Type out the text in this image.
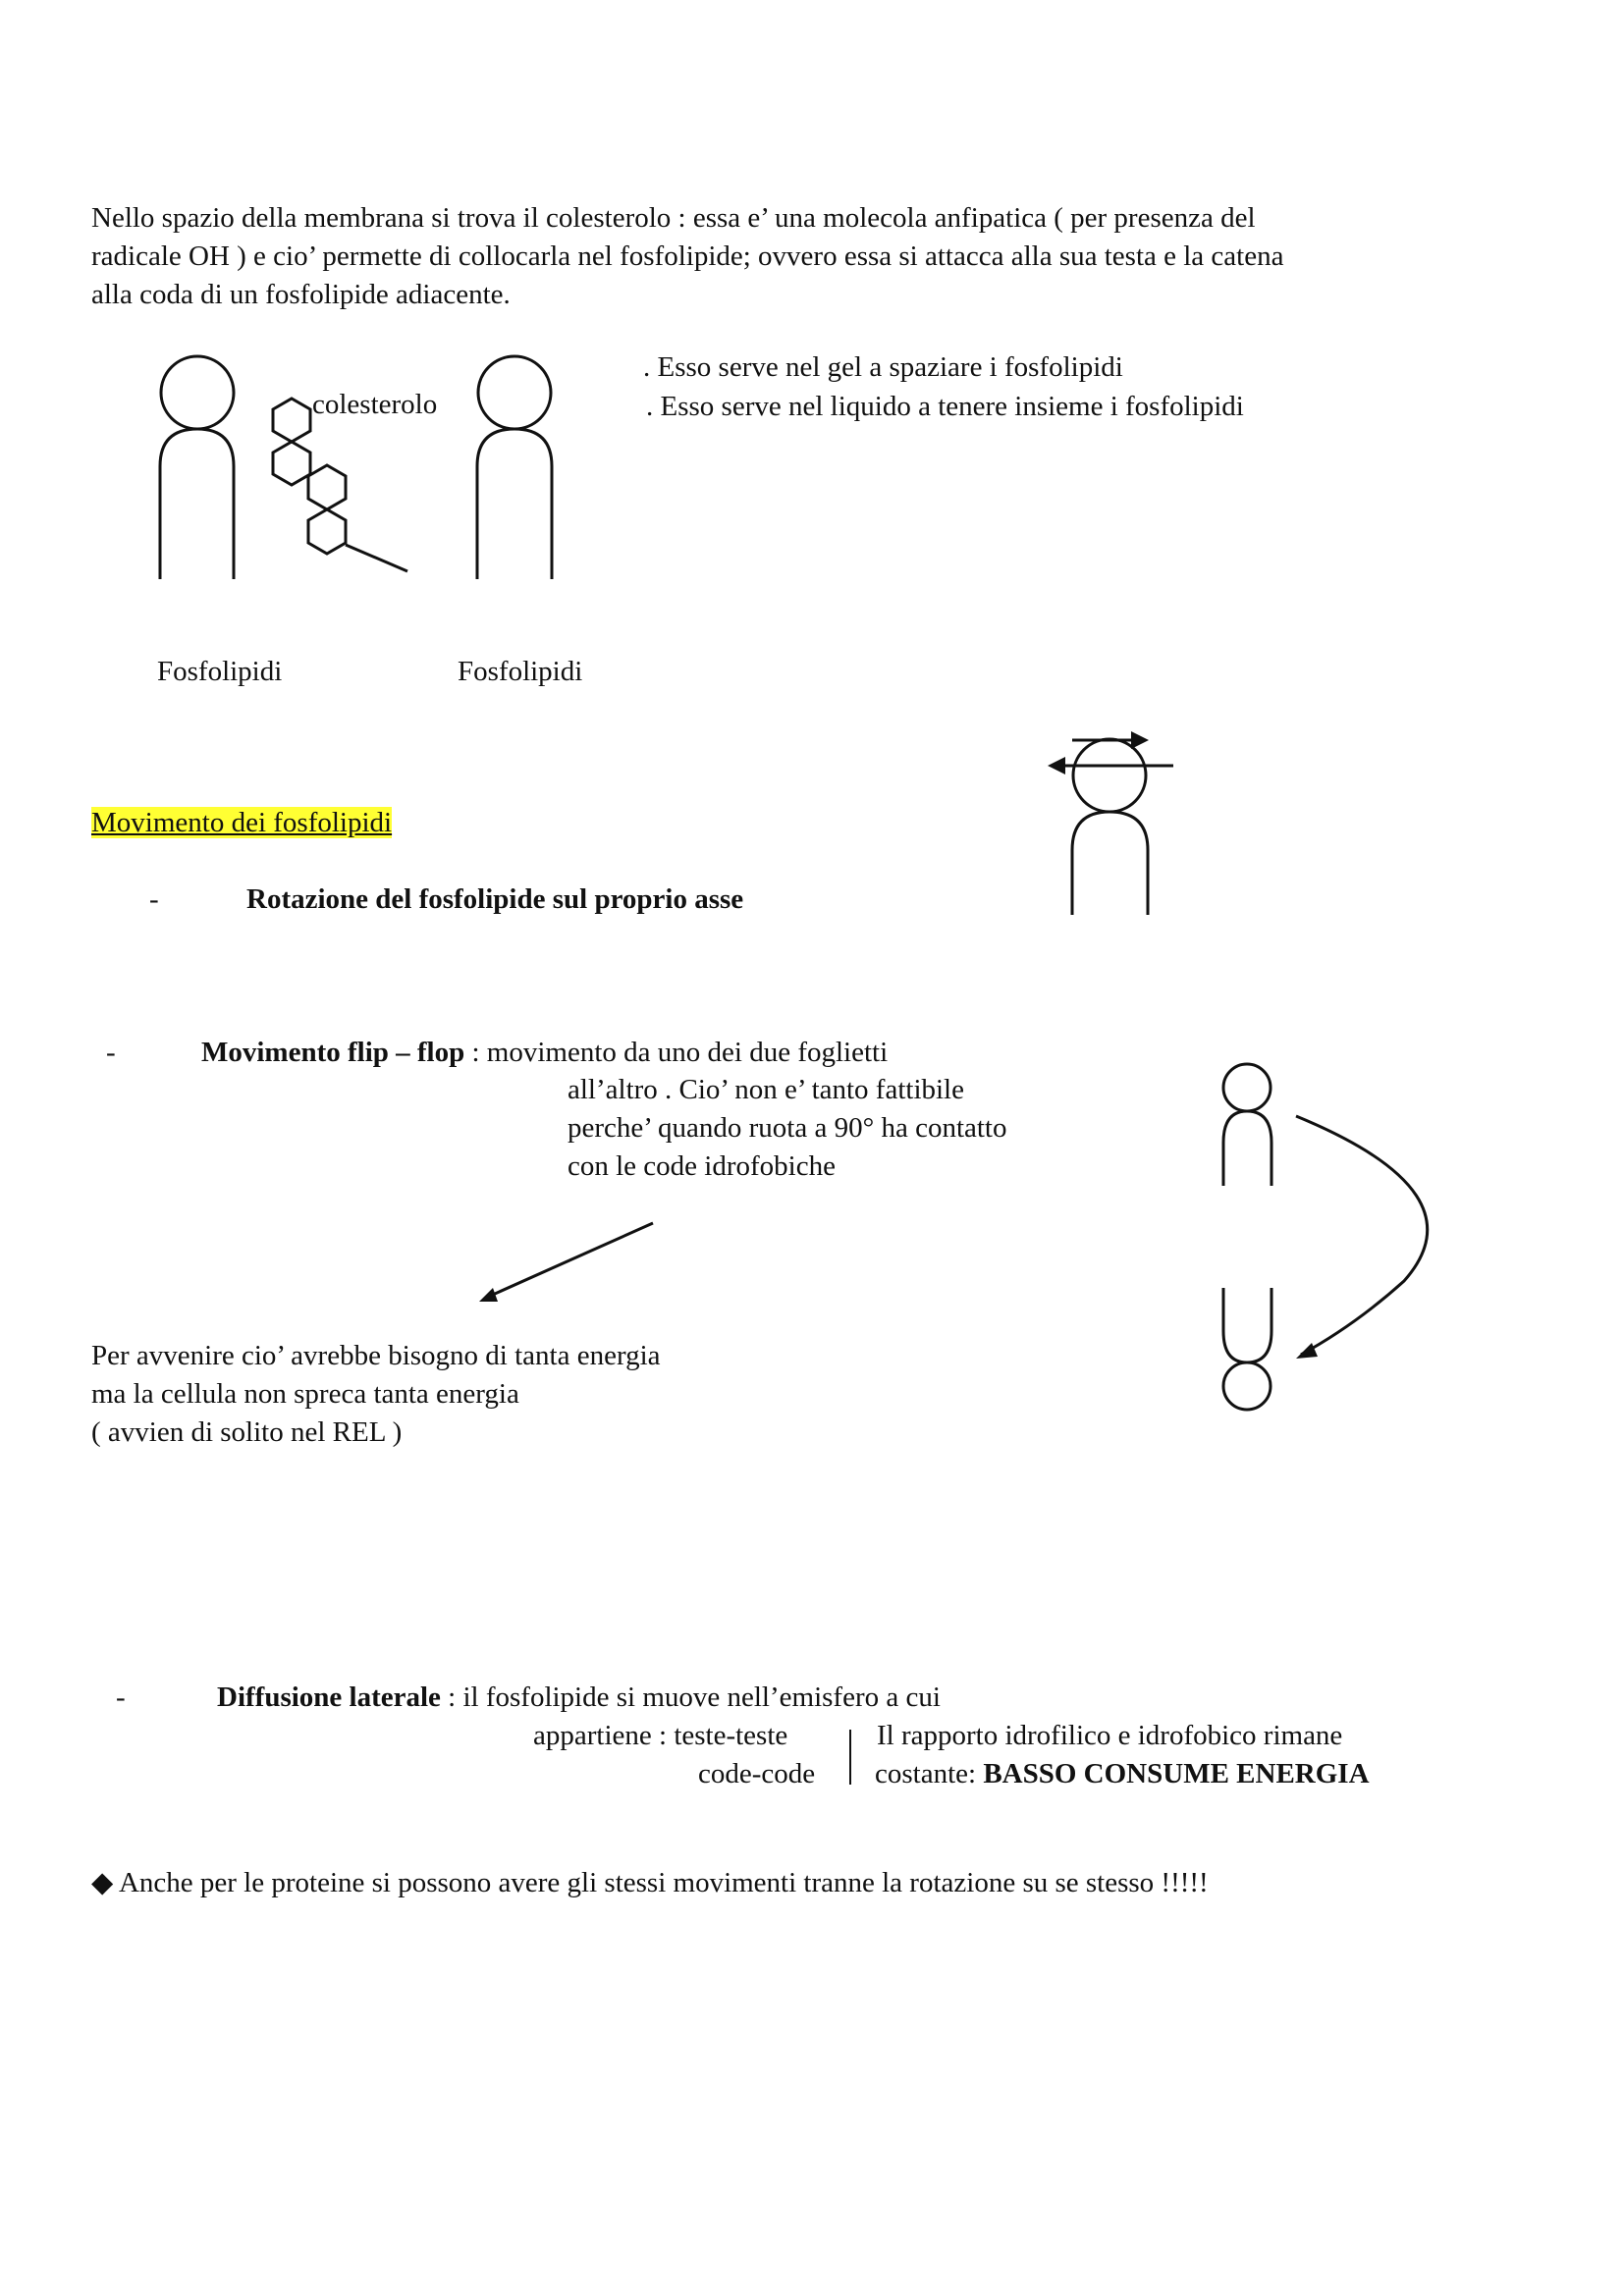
Nello spazio della membrana si trova il colesterolo : essa e’ una molecola anfipatica ( per presenza del

radicale OH ) e cio’ permette di collocarla nel fosfolipide; ovvero essa si attacca alla sua testa e la catena

alla coda di un fosfolipide adiacente.

colesterolo

Fosfolipidi	Fosfolipidi

. Esso serve nel gel a spaziare i fosfolipidi

. Esso serve nel liquido a tenere insieme i fosfolipidi

Movimento dei fosfolipidi

-	Rotazione del fosfolipide sul proprio asse

-	Movimento flip – flop : movimento da uno dei due foglietti

all’altro . Cio’ non e’ tanto fattibile

perche’ quando ruota a 90° ha contatto

con le code idrofobiche

Per avvenire cio’ avrebbe bisogno di tanta energia

ma la cellula non spreca tanta energia

( avvien di solito nel REL )

-	Diffusione laterale : il fosfolipide si muove nell’emisfero a cui

appartiene : teste-teste

code-code

Il rapporto idrofilico e idrofobico rimane

costante: BASSO CONSUME ENERGIA

◆ Anche per le proteine si possono avere gli stessi movimenti tranne la rotazione su se stesso !!!!!
